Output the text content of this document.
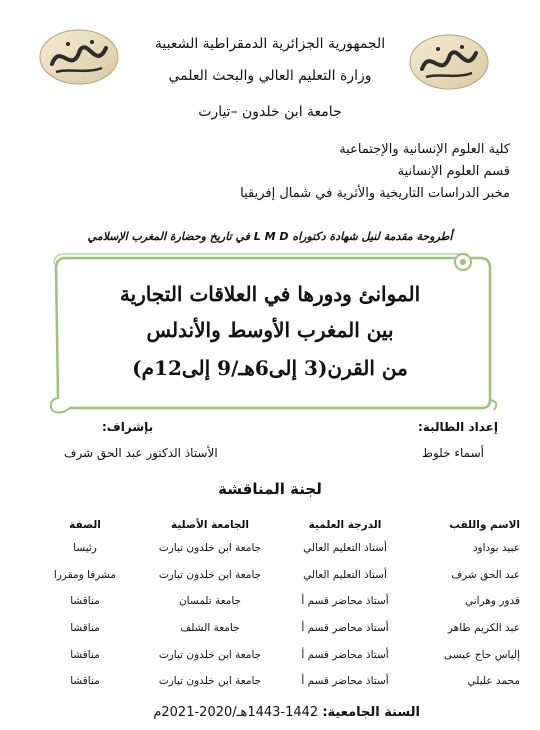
الجمهورية الجزائرية الدمقراطية الشعبية
وزارة التعليم العالي والبحث العلمي
جامعة ابن خلدون –تيارت
كلية العلوم الإنسانية والإجتماعية
قسم العلوم الإنسانية
مخبر الدراسات التاريخية والأثرية في شمال إفريقيا
أطروحة مقدمة لنيل شهادة دكتوراه L M D في تاريخ وحضارة المغرب الإسلامي
الموانئ ودورها في العلاقات التجارية
بين المغرب الأوسط والأندلس
من القرن(3 إلى6هـ/9 إلى12م)
إعداد الطالبة:
أسماء خلوط
بإشراف:
الأستاذ الدكتور عبد الحق شرف
لجنة المناقشة
الاسم واللقب	الدرجة العلمية	الجامعة الأصلية	الصفة
عبيد بوداود	أستاذ التعليم العالي	جامعة ابن خلدون تيارت	رئيسا
عبد الحق شرف	أستاذ التعليم العالي	جامعة ابن خلدون تيارت	مشرفا ومقررا
قدور وهراني	أستاذ محاضر قسم أ	جامعة تلمسان	مناقشا
عبد الكريم طاهر	أستاذ محاضر قسم أ	جامعة الشلف	مناقشا
إلياس حاج عيسى	أستاذ محاضر قسم أ	جامعة ابن خلدون تيارت	مناقشا
محمد عليلي	أستاذ محاضر قسم أ	جامعة ابن خلدون تيارت	مناقشا
السنة الجامعية: 1442-1443هـ/2020-2021م
